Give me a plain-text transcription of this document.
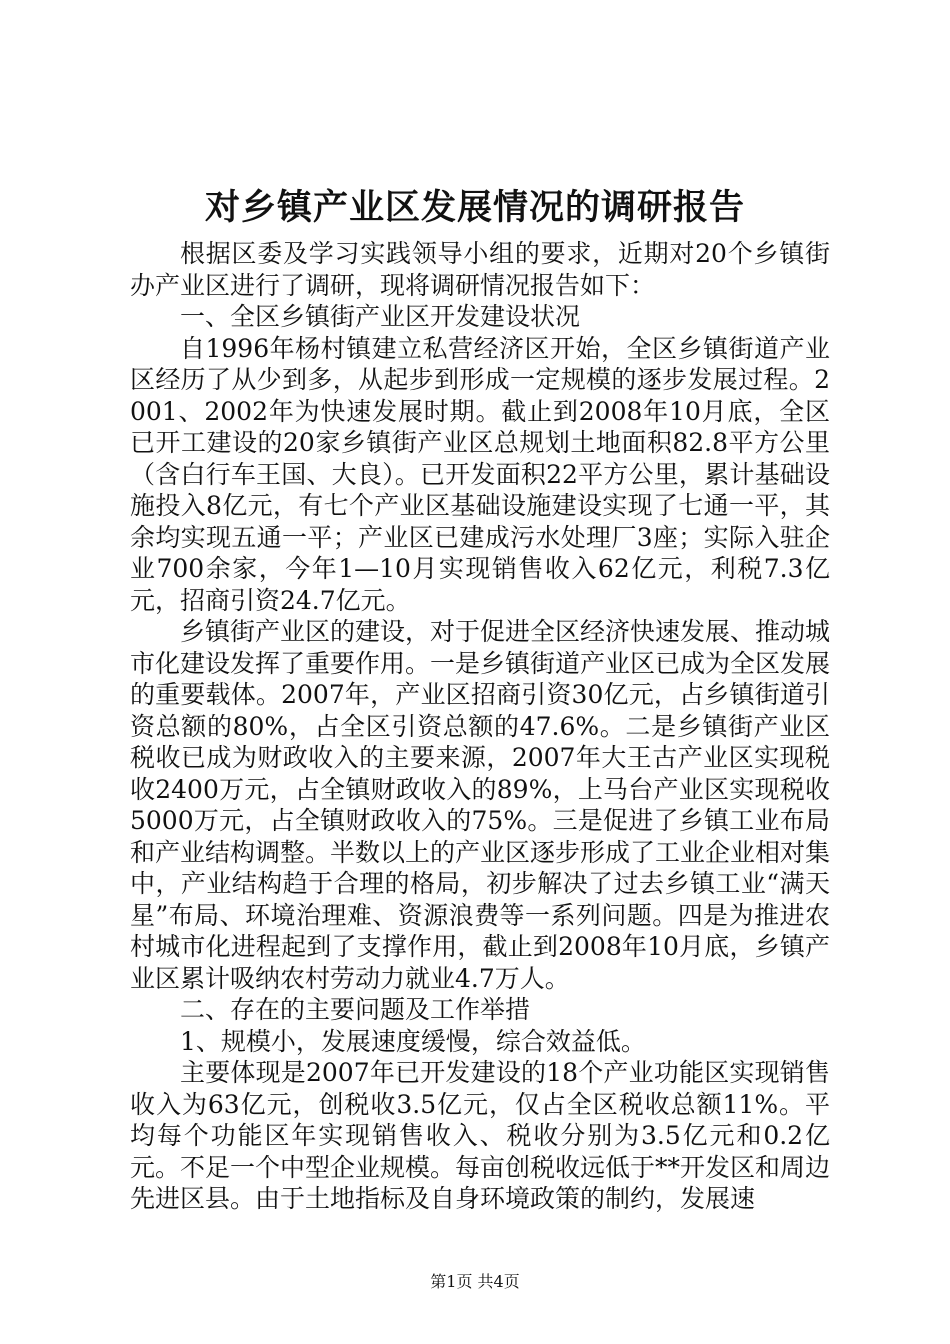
对乡镇产业区发展情况的调研报告

根据区委及学习实践领导小组的要求，近期对20个乡镇街办产业区进行了调研，现将调研情况报告如下：

一、全区乡镇街产业区开发建设状况

自1996年杨村镇建立私营经济区开始，全区乡镇街道产业区经历了从少到多，从起步到形成一定规模的逐步发展过程。2001、2002年为快速发展时期。截止到2008年10月底，全区已开工建设的20家乡镇街产业区总规划土地面积82.8平方公里（含白行车王国、大良）。已开发面积22平方公里，累计基础设施投入8亿元，有七个产业区基础设施建设实现了七通一平，其余均实现五通一平；产业区已建成污水处理厂3座；实际入驻企业700余家，今年1—10月实现销售收入62亿元，利税7.3亿元，招商引资24.7亿元。

乡镇街产业区的建设，对于促进全区经济快速发展、推动城市化建设发挥了重要作用。一是乡镇街道产业区已成为全区发展的重要载体。2007年，产业区招商引资30亿元，占乡镇街道引资总额的80%，占全区引资总额的47.6%。二是乡镇街产业区税收已成为财政收入的主要来源，2007年大王古产业区实现税收2400万元，占全镇财政收入的89%，上马台产业区实现税收5000万元，占全镇财政收入的75%。三是促进了乡镇工业布局和产业结构调整。半数以上的产业区逐步形成了工业企业相对集中，产业结构趋于合理的格局，初步解决了过去乡镇工业“满天星”布局、环境治理难、资源浪费等一系列问题。四是为推进农村城市化进程起到了支撑作用，截止到2008年10月底，乡镇产业区累计吸纳农村劳动力就业4.7万人。

二、存在的主要问题及工作举措

1、规模小，发展速度缓慢，综合效益低。

主要体现是2007年已开发建设的18个产业功能区实现销售收入为63亿元，创税收3.5亿元，仅占全区税收总额11%。平均每个功能区年实现销售收入、税收分别为3.5亿元和0.2亿元。不足一个中型企业规模。每亩创税收远低于**开发区和周边先进区县。由于土地指标及自身环境政策的制约，发展速

第1页 共4页
